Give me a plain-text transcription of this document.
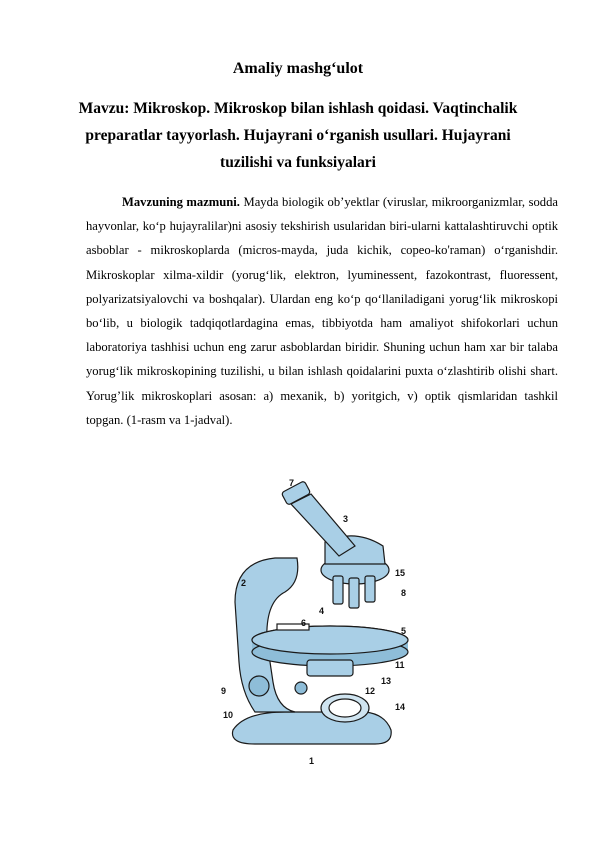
Amaliy mashg‘ulot
Mavzu: Mikroskop. Mikroskop bilan ishlash qoidasi. Vaqtinchalik preparatlar tayyorlash. Hujayrani o‘rganish usullari. Hujayrani tuzilishi va funksiyalari

Mavzuning mazmuni. Mayda biologik ob’yektlar (viruslar, mikroorganizmlar, sodda hayvonlar, ko‘p hujayralilar)ni asosiy tekshirish usularidan biri-ularni kattalashtiruvchi optik asboblar - mikroskoplarda (micros-mayda, juda kichik, copeo-ko'raman) o‘rganishdir. Mikroskoplar xilma-xildir (yorug‘lik, elektron, lyuminessent, fazokontrast, fluoressent, polyarizatsiyalovchi va boshqalar). Ulardan eng ko‘p qo‘llaniladigani yorug‘lik mikroskopi bo‘lib, u biologik tadqiqotlardagina emas, tibbiyotda ham amaliyot shifokorlari uchun laboratoriya tashhisi uchun eng zarur asboblardan biridir. Shuning uchun ham xar bir talaba yorug‘lik mikroskopining tuzilishi, u bilan ishlash qoidalarini puxta o‘zlashtirib olishi shart. Yorug’lik mikroskoplari asosan: a) mexanik, b) yoritgich, v) optik qismlaridan tashkil topgan. (1-rasm va 1-jadval).

7
3
2
15
8
4
6
5
11
12
13
9
10
14
1
